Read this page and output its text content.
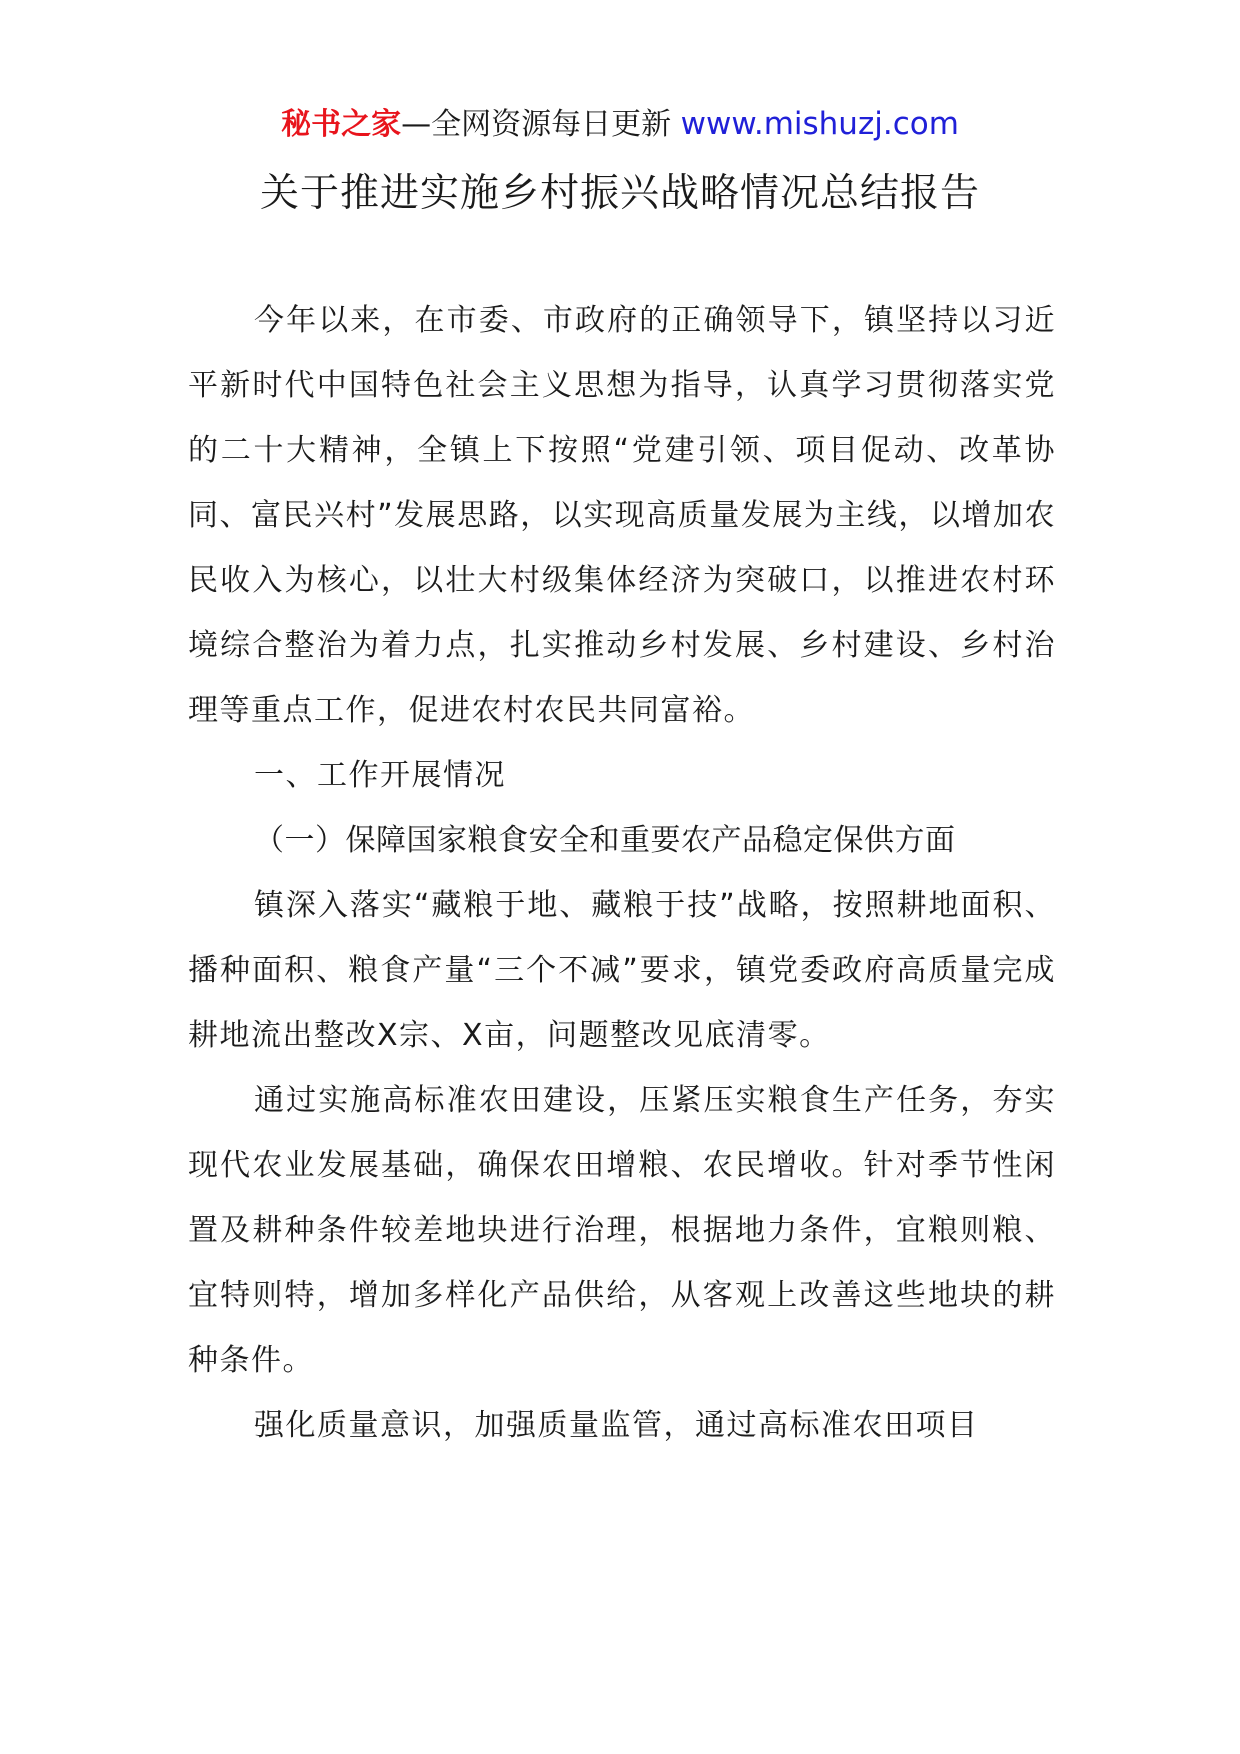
秘书之家—全网资源每日更新 www.mishuzj.com
关于推进实施乡村振兴战略情况总结报告

今年以来，在市委、市政府的正确领导下，镇坚持以习近平新时代中国特色社会主义思想为指导，认真学习贯彻落实党的二十大精神，全镇上下按照“党建引领、项目促动、改革协同、富民兴村”发展思路，以实现高质量发展为主线，以增加农民收入为核心，以壮大村级集体经济为突破口，以推进农村环境综合整治为着力点，扎实推动乡村发展、乡村建设、乡村治理等重点工作，促进农村农民共同富裕。

一、工作开展情况

（一）保障国家粮食安全和重要农产品稳定保供方面

镇深入落实“藏粮于地、藏粮于技”战略，按照耕地面积、播种面积、粮食产量“三个不减”要求，镇党委政府高质量完成耕地流出整改X宗、X亩，问题整改见底清零。

通过实施高标准农田建设，压紧压实粮食生产任务，夯实现代农业发展基础，确保农田增粮、农民增收。针对季节性闲置及耕种条件较差地块进行治理，根据地力条件，宜粮则粮、宜特则特，增加多样化产品供给，从客观上改善这些地块的耕种条件。

强化质量意识，加强质量监管，通过高标准农田项目
